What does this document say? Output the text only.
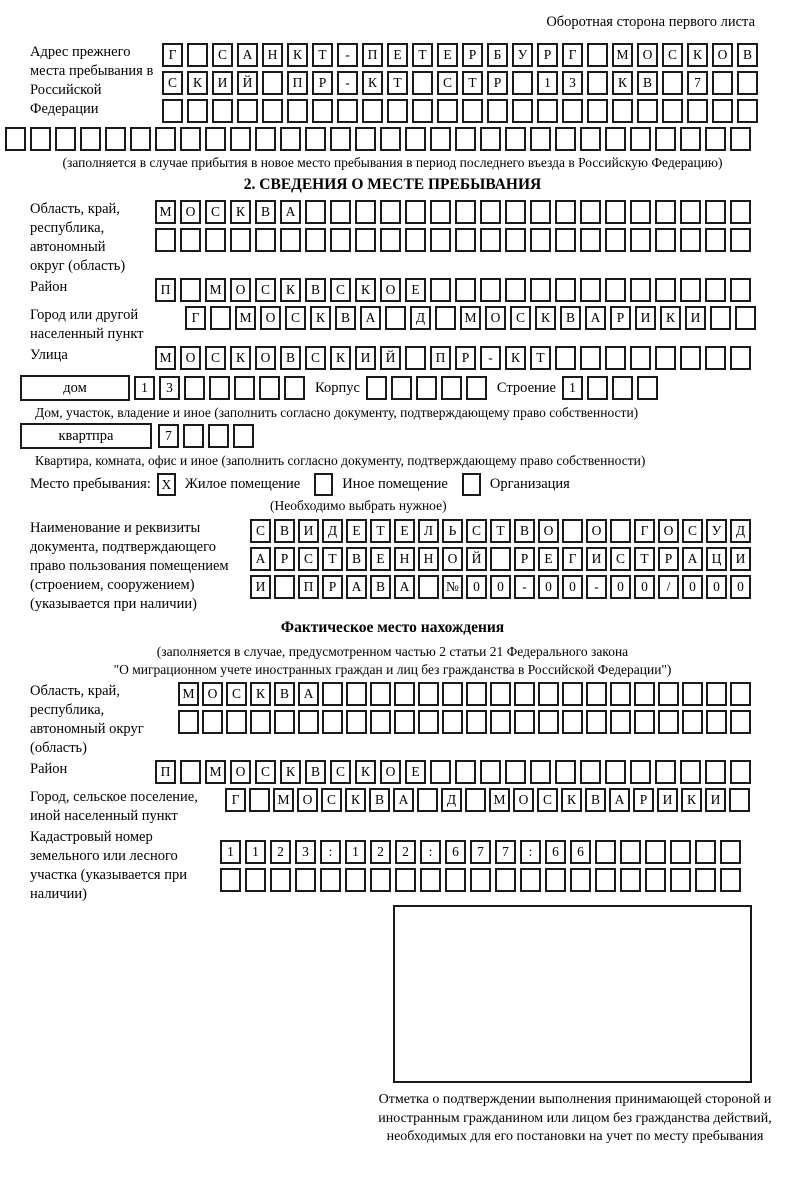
Оборотная сторона первого листа
Адрес прежнего места пребывания в Российской Федерации
Г	С	А	Н	К	Т	-	П	Е	Т	Е	Р	Б	У	Р	Г	М	О	С	К	О	В
С	К	И	Й	П	Р	-	К	Т	С	Т	Р	1	3	К	В	7
(заполняется в случае прибытия в новое место пребывания в период последнего въезда в Российскую Федерацию)
2. СВЕДЕНИЯ О МЕСТЕ ПРЕБЫВАНИЯ
Область, край, республика, автономный округ (область)
М	О	С	К	В	А
Район	П	М	О	С	К	В	С	К	О	Е
Город или другой населенный пункт
Г	М	О	С	К	В	А	Д	М	О	С	К	В	А	Р	И	К	И
Улица	М	О	С	К	О	В	С	К	И	Й	П	Р	-	К	Т
дом	1	3	Корпус	Строение 1
Дом, участок, владение и иное (заполнить согласно документу, подтверждающему право собственности)
квартпра	7
Квартира, комната, офис и иное (заполнить согласно документу, подтверждающему право собственности)
Место пребывания: X Жилое помещение	Иное помещение	Организация
(Необходимо выбрать нужное)
Наименование и реквизиты документа, подтверждающего право пользования помещением (строением, сооружением) (указывается при наличии)
С	В	И	Д	Е	Т	Е	Л	Ь	С	Т	В	О	О	Г	О	С	У	Д
А	Р	С	Т	В	Е	Н	Н	О	Й	Р	Е	Г	И	С	Т	Р	А	Ц	И
И	П	Р	А	В	А	№	0	0	-	0	0	-	0	0	/	0	0	0
Фактическое место нахождения
(заполняется в случае, предусмотренном частью 2 статьи 21 Федерального закона
"О миграционном учете иностранных граждан и лиц без гражданства в Российской Федерации")
Область, край, республика, автономный округ (область)
М О	С	К	В	А
Район	П	М	О	С	К	В	С	К	О	Е
Город, сельское поселение, иной населенный пункт
Г	М О	С	К	В	А	Д	М О	С	К	В	А	Р	И	К	И
Кадастровый номер земельного или лесного участка (указывается при наличии)
1	1	2	3	:	1	2	2	:	6	7	7	:	6	6
Отметка о подтверждении выполнения принимающей стороной и иностранным гражданином или лицом без гражданства действий, необходимых для его постановки на учет по месту пребывания
